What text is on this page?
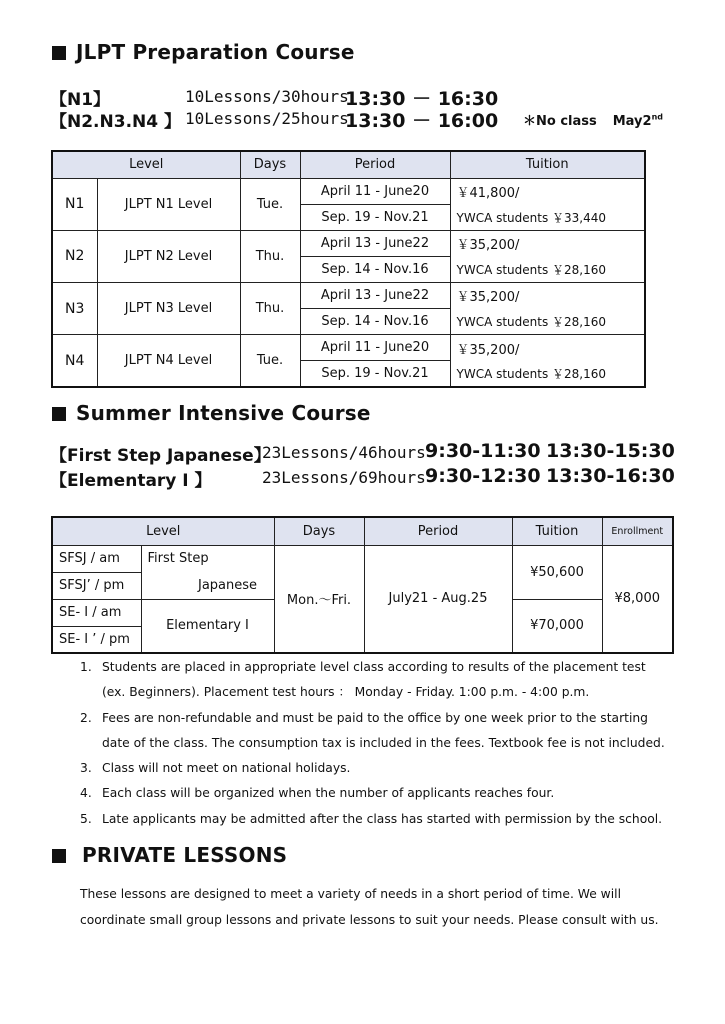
JLPT Preparation Course
【N1】	10Lessons/30hours
13:30 － 16:30
【N2.N3.N4 】 10Lessons/25hours
13:30 － 16:00 ＊No class May2nd
Level		Days	Period	Tuition
N1	JLPT N1 Level	Tue.	April 11 - June20	￥41,800/
			Sep. 19 - Nov.21	YWCA students ￥33,440
N2	JLPT N2 Level	Thu.	April 13 - June22	￥35,200/
			Sep. 14 - Nov.16	YWCA students ￥28,160
N3	JLPT N3 Level	Thu.	April 13 - June22	￥35,200/
			Sep. 14 - Nov.16	YWCA students ￥28,160
N4	JLPT N4 Level	Tue.	April 11 - June20	￥35,200/
			Sep. 19 - Nov.21	YWCA students ￥28,160
Summer Intensive Course
【First Step Japanese】
23Lessons/46hours 9:30-11:30 13:30-15:30
【Elementary I 】	23Lessons/69hours 9:30-12:30 13:30-16:30
Level		Days	Period	Tuition	Enrollment
SFSJ / am	First Step	Mon.～Fri.	July21 - Aug.25	¥50,600	¥8,000
SFSJ’ / pm	Japanese				
SE- I / am	Elementary I			¥70,000	
SE- I ’ / pm					
1. Students are placed in appropriate level class according to results of the placement test
(ex. Beginners). Placement test hours ： Monday - Friday. 1:00 p.m. - 4:00 p.m.
2. Fees are non-refundable and must be paid to the office by one week prior to the starting
date of the class. The consumption tax is included in the fees. Textbook fee is not included.
3. Class will not meet on national holidays.
4. Each class will be organized when the number of applicants reaches four.
5. Late applicants may be admitted after the class has started with permission by the school.
PRIVATE LESSONS
These lessons are designed to meet a variety of needs in a short period of time. We will
coordinate small group lessons and private lessons to suit your needs. Please consult with us.
